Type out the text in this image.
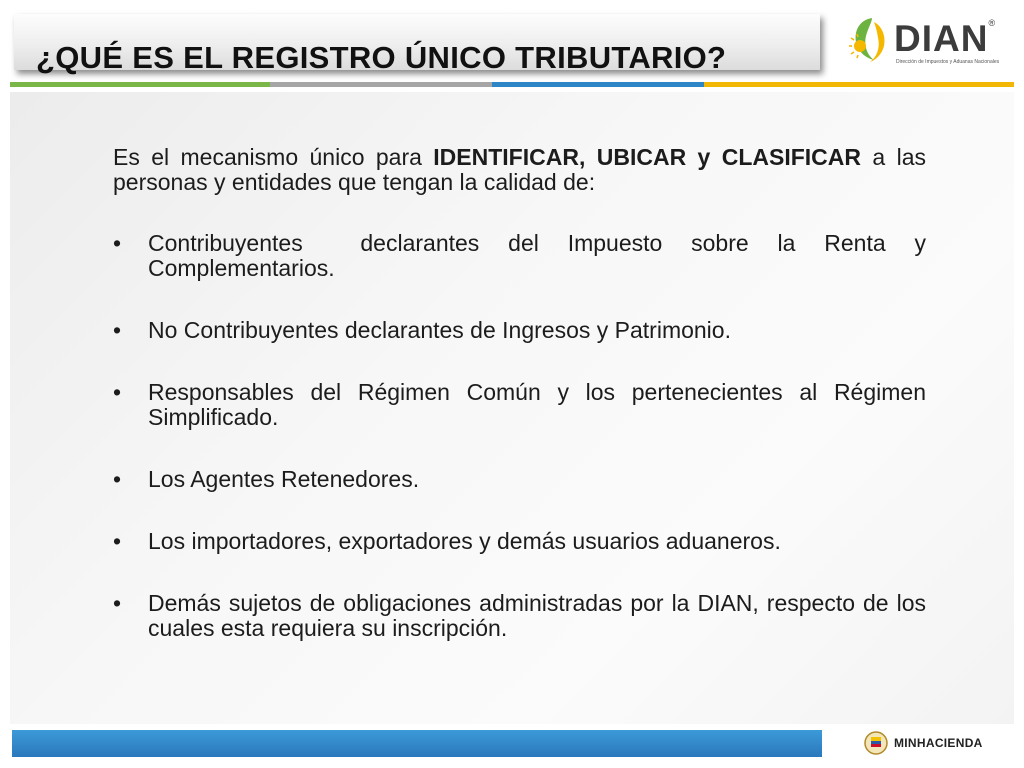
¿QUÉ ES EL REGISTRO ÚNICO TRIBUTARIO?	DIAN®
Dirección de Impuestos y Aduanas Nacionales

Es el mecanismo único para IDENTIFICAR, UBICAR y CLASIFICAR a las personas y entidades que tengan la calidad de:

• Contribuyentes  declarantes del Impuesto sobre la Renta y Complementarios.
• No Contribuyentes declarantes de Ingresos y Patrimonio.
• Responsables del Régimen Común y los pertenecientes al Régimen Simplificado.
• Los Agentes Retenedores.
• Los importadores, exportadores y demás usuarios aduaneros.
• Demás sujetos de obligaciones administradas por la DIAN, respecto de los cuales esta requiera su inscripción.
MINHACIENDA
